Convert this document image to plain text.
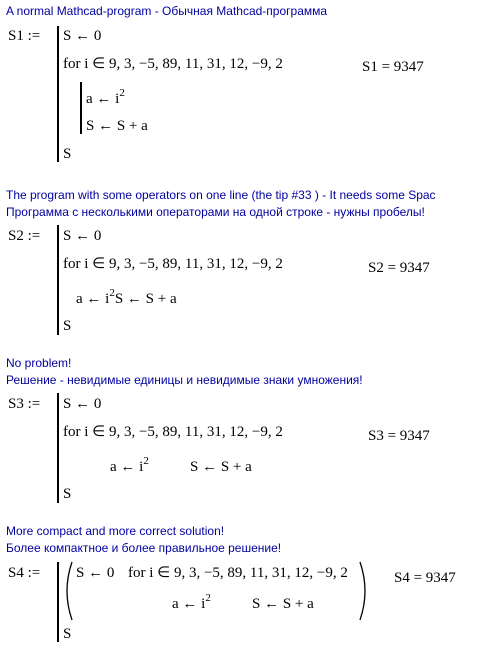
A normal Mathcad-program - Обычная Mathcad-программа
S1 := S ← 0
for i ∈ 9, 3, −5, 89, 11, 31, 12, −9, 2
a ← $i^2$
S ← S + a
S
S1 = 9347
The program with some operators on one line (the tip #33 ) - It needs some Spac
Программа с несколькими операторами на одной строке - нужны пробелы!
S2 := S ← 0
for i ∈ 9, 3, −5, 89, 11, 31, 12, −9, 2
a ← $i^2S$ ← S + a
S
S2 = 9347
No problem!
Решение - невидимые единицы и невидимые знаки умножения!
S3 := S ← 0
for i ∈ 9, 3, −5, 89, 11, 31, 12, −9, 2
a ← $i^2$	S ← S + a
S
S3 = 9347
More compact and more correct solution!
Более компактное и более правильное решение!
S4 := S ← 0 for i ∈ 9, 3, −5, 89, 11, 31, 12, −9, 2
a ← $i^2$	S ← S + a
S
S4 = 9347
